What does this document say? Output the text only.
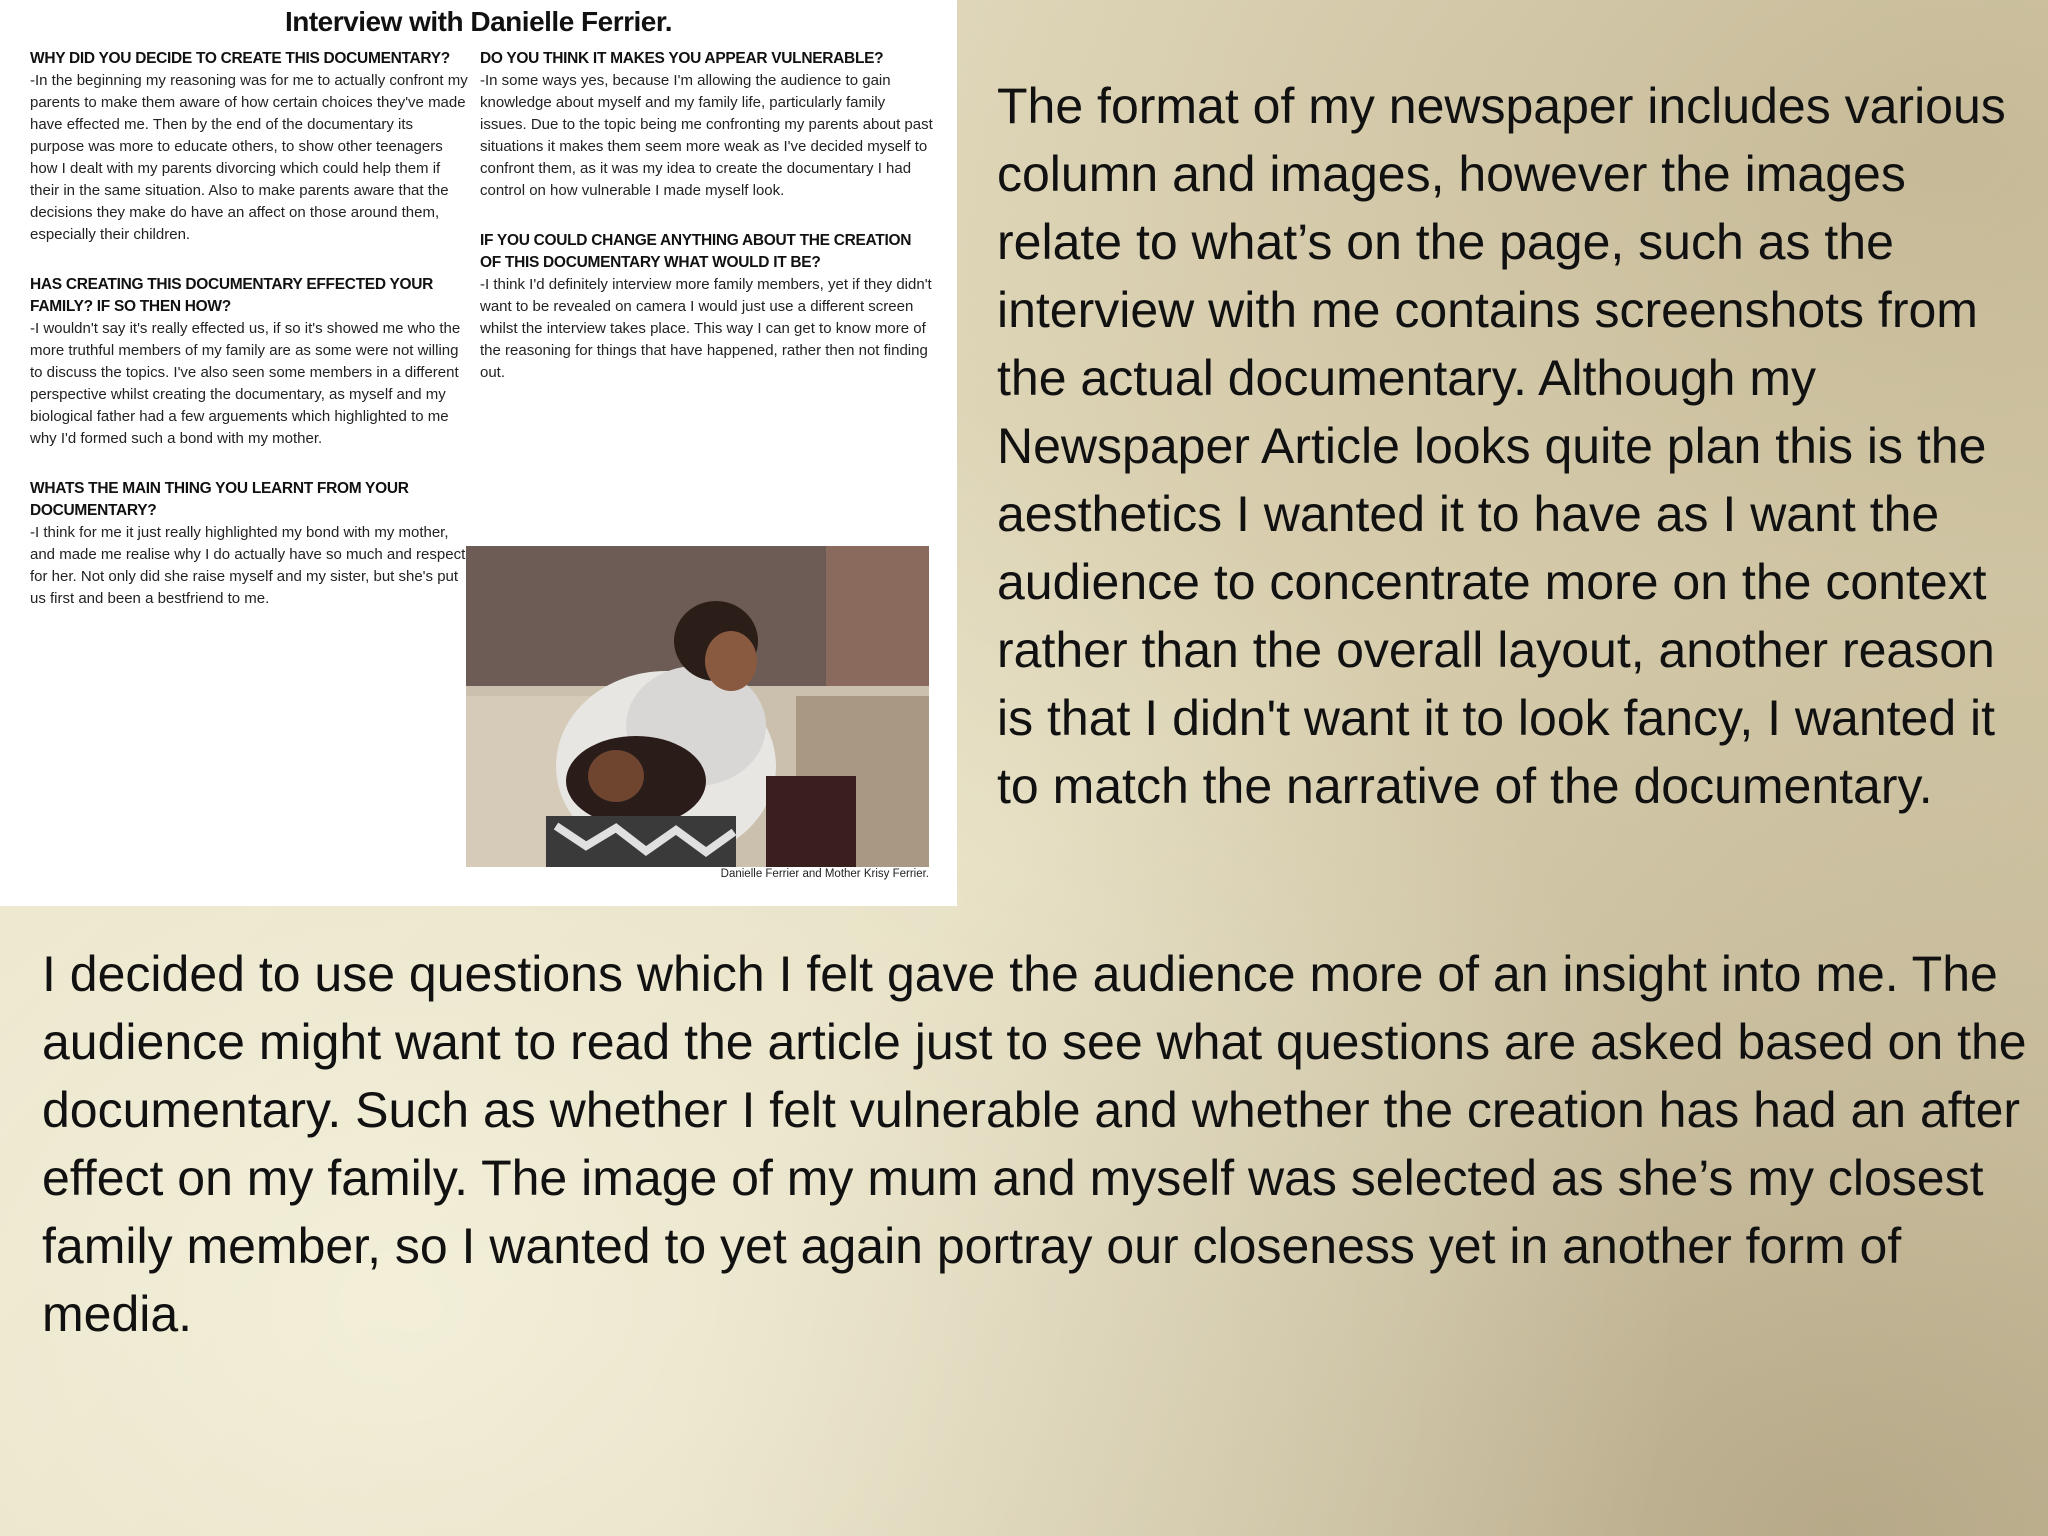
Interview with Danielle Ferrier.

WHY DID YOU DECIDE TO CREATE THIS DOCUMENTARY?

-In the beginning my reasoning was for me to actually confront my parents to make them aware of how certain choices they've made have effected me. Then by the end of the documentary its purpose was more to educate others, to show other teenagers how I dealt with my parents divorcing which could help them if their in the same situation. Also to make parents aware that the decisions they make do have an affect on those around them, especially their children.

HAS CREATING THIS DOCUMENTARY EFFECTED YOUR FAMILY? IF SO THEN HOW?

-I wouldn't say it's really effected us, if so it's showed me who the more truthful members of my family are as some were not willing to discuss the topics. I've also seen some members in a different perspective whilst creating the documentary, as myself and my biological father had a few arguements which highlighted to me why I'd formed such a bond with my mother.

WHATS THE MAIN THING YOU LEARNT FROM YOUR DOCUMENTARY?

-I think for me it just really highlighted my bond with my mother, and made me realise why I do actually have so much and respect for her. Not only did she raise myself and my sister, but she's put us first and been a bestfriend to me.

DO YOU THINK IT MAKES YOU APPEAR VULNERABLE?

-In some ways yes, because I'm allowing the audience to gain knowledge about myself and my family life, particularly family issues. Due to the topic being me confronting my parents about past situations it makes them seem more weak as I've decided myself to confront them, as it was my idea to create the documentary I had control on how vulnerable I made myself look.

IF YOU COULD CHANGE ANYTHING ABOUT THE CREATION OF THIS DOCUMENTARY WHAT WOULD IT BE?

-I think I'd definitely interview more family members, yet if they didn't want to be revealed on camera I would just use a different screen whilst the interview takes place. This way I can get to know more of the reasoning for things that have happened, rather then not finding out.

Danielle Ferrier and Mother Krisy Ferrier.

The format of my newspaper includes various column and images, however the images relate to what’s on the page, such as the interview with me contains screenshots from the actual documentary. Although my Newspaper Article looks quite plan this is the aesthetics I wanted it to have as I want the audience to concentrate more on the context rather than the overall layout, another reason is that I didn't want it to look fancy, I wanted it to match the narrative of the documentary.

I decided to use questions which I felt gave the audience more of an insight into me. The audience might want to read the article just to see what questions are asked based on the documentary. Such as whether I felt vulnerable and whether the creation has had an after effect on my family. The image of my mum and myself was selected as she’s my closest family member, so I wanted to yet again portray our closeness yet in another form of media.
